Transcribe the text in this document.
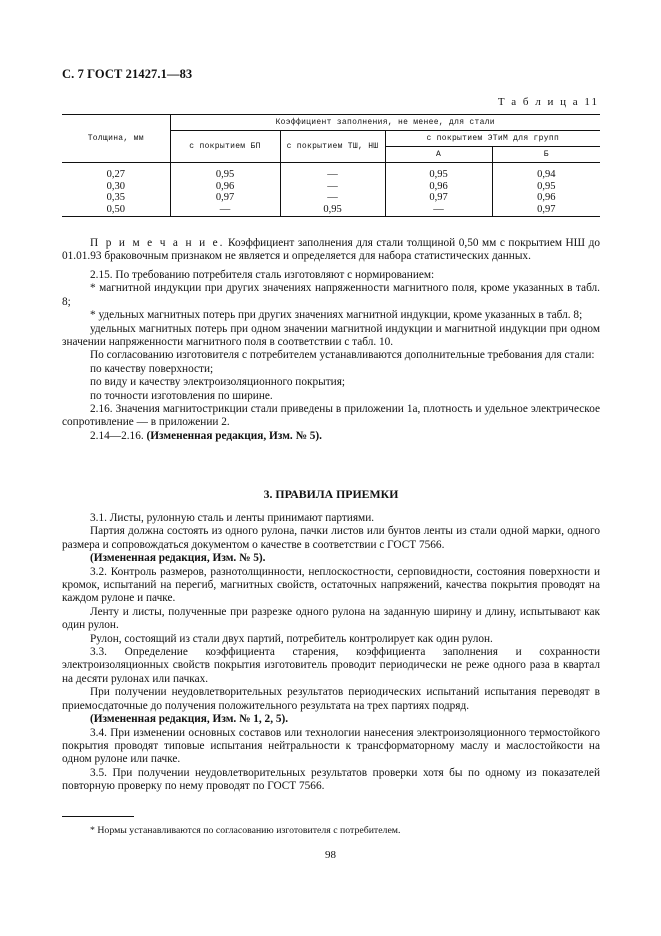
С. 7 ГОСТ 21427.1—83
Т а б л и ц а 11
Толщина, мм	Коэффициент заполнения, не менее, для стали			
	с покрытием БП	с покрытием ТШ, НШ	с покрытием ЭТиМ для групп	
			А	Б
0,27	0,95	—	0,95	0,94
0,30	0,96	—	0,96	0,95
0,35	0,97	—	0,97	0,96
0,50	—	0,95	—	0,97

П р и м е ч а н и е. Коэффициент заполнения для стали толщиной 0,50 мм с покрытием НШ до 01.01.93 браковочным признаком не является и определяется для набора статистических данных.

2.15. По требованию потребителя сталь изготовляют с нормированием:

* магнитной индукции при других значениях напряженности магнитного поля, кроме указанных в табл. 8;

* удельных магнитных потерь при других значениях магнитной индукции, кроме указанных в табл. 8;

удельных магнитных потерь при одном значении магнитной индукции и магнитной индукции при одном значении напряженности магнитного поля в соответствии с табл. 10.

По согласованию изготовителя с потребителем устанавливаются дополнительные требования для стали:

по качеству поверхности;

по виду и качеству электроизоляционного покрытия;

по точности изготовления по ширине.

2.16. Значения магнитострикции стали приведены в приложении 1а, плотность и удельное электрическое сопротивление — в приложении 2.

2.14—2.16. (Измененная редакция, Изм. № 5).

3. ПРАВИЛА ПРИЕМКИ

3.1. Листы, рулонную сталь и ленты принимают партиями.

Партия должна состоять из одного рулона, пачки листов или бунтов ленты из стали одной марки, одного размера и сопровождаться документом о качестве в соответствии с ГОСТ 7566.

(Измененная редакция, Изм. № 5).

3.2. Контроль размеров, разнотолщинности, неплоскостности, серповидности, состояния поверхности и кромок, испытаний на перегиб, магнитных свойств, остаточных напряжений, качества покрытия проводят на каждом рулоне и пачке.

Ленту и листы, полученные при разрезке одного рулона на заданную ширину и длину, испытывают как один рулон.

Рулон, состоящий из стали двух партий, потребитель контролирует как один рулон.

3.3. Определение коэффициента старения, коэффициента заполнения и сохранности электроизоляционных свойств покрытия изготовитель проводит периодически не реже одного раза в квартал на десяти рулонах или пачках.

При получении неудовлетворительных результатов периодических испытаний испытания переводят в приемосдаточные до получения положительного результата на трех партиях подряд.

(Измененная редакция, Изм. № 1, 2, 5).

3.4. При изменении основных составов или технологии нанесения электроизоляционного термостойкого покрытия проводят типовые испытания нейтральности к трансформаторному маслу и маслостойкости на одном рулоне или пачке.

3.5. При получении неудовлетворительных результатов проверки хотя бы по одному из показателей повторную проверку по нему проводят по ГОСТ 7566.

* Нормы устанавливаются по согласованию изготовителя с потребителем.
98
